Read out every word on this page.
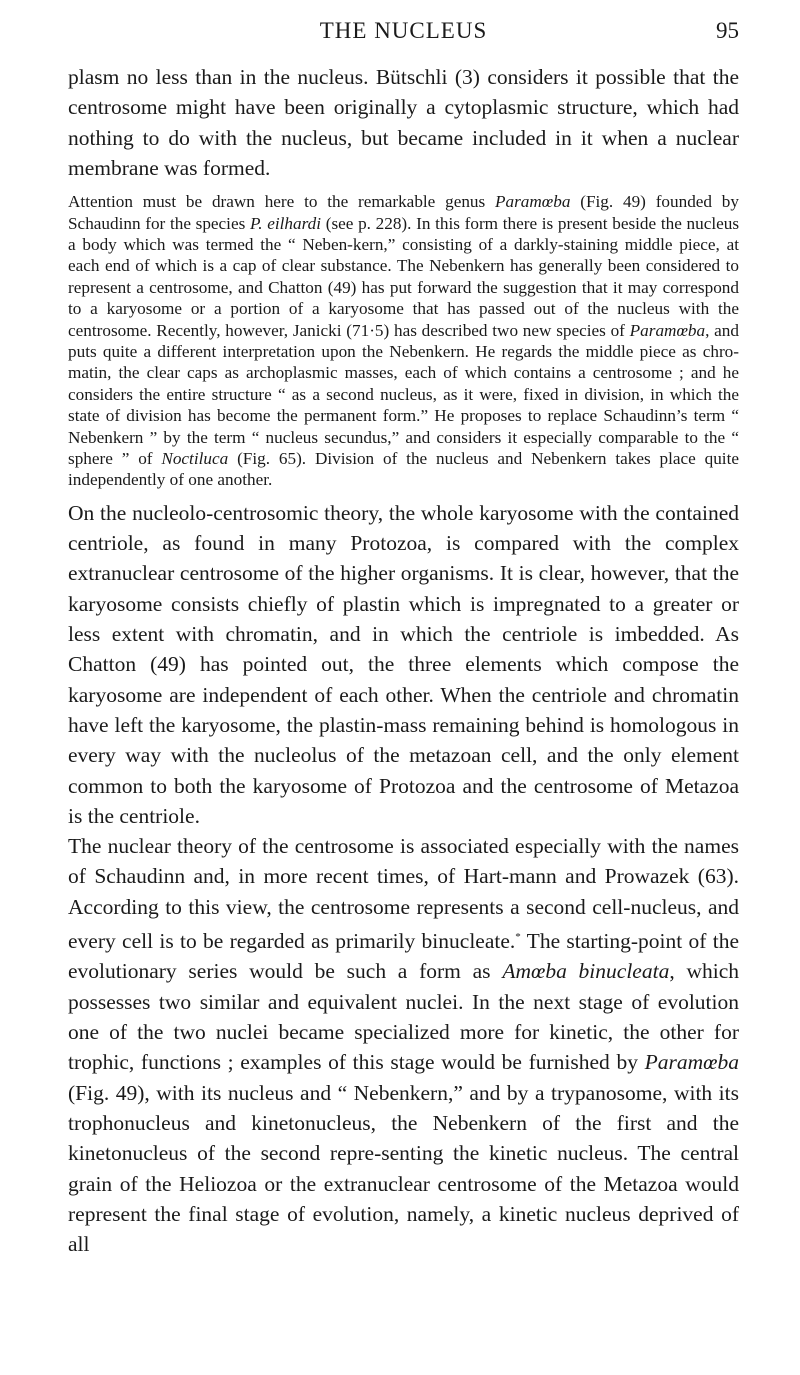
THE NUCLEUS	95

plasm no less than in the nucleus. Bütschli (3) considers it possible that the centrosome might have been originally a cytoplasmic structure, which had nothing to do with the nucleus, but became included in it when a nuclear membrane was formed.

Attention must be drawn here to the remarkable genus Paramœba (Fig. 49) founded by Schaudinn for the species P. eilhardi (see p. 228). In this form there is present beside the nucleus a body which was termed the “ Neben-kern,” consisting of a darkly-staining middle piece, at each end of which is a cap of clear substance. The Nebenkern has generally been considered to represent a centrosome, and Chatton (49) has put forward the suggestion that it may correspond to a karyosome or a portion of a karyosome that has passed out of the nucleus with the centrosome. Recently, however, Janicki (71·5) has described two new species of Paramœba, and puts quite a different interpretation upon the Nebenkern. He regards the middle piece as chro-matin, the clear caps as archoplasmic masses, each of which contains a centrosome ; and he considers the entire structure “ as a second nucleus, as it were, fixed in division, in which the state of division has become the permanent form.” He proposes to replace Schaudinn’s term “ Nebenkern ” by the term “ nucleus secundus,” and considers it especially comparable to the “ sphere ” of Noctiluca (Fig. 65). Division of the nucleus and Nebenkern takes place quite independently of one another.

On the nucleolo-centrosomic theory, the whole karyosome with the contained centriole, as found in many Protozoa, is compared with the complex extranuclear centrosome of the higher organisms. It is clear, however, that the karyosome consists chiefly of plastin which is impregnated to a greater or less extent with chromatin, and in which the centriole is imbedded. As Chatton (49) has pointed out, the three elements which compose the karyosome are independent of each other. When the centriole and chromatin have left the karyosome, the plastin-mass remaining behind is homologous in every way with the nucleolus of the metazoan cell, and the only element common to both the karyosome of Protozoa and the centrosome of Metazoa is the centriole.

The nuclear theory of the centrosome is associated especially with the names of Schaudinn and, in more recent times, of Hart-mann and Prowazek (63). According to this view, the centrosome represents a second cell-nucleus, and every cell is to be regarded as primarily binucleate.* The starting-point of the evolutionary series would be such a form as Amœba binucleata, which possesses two similar and equivalent nuclei. In the next stage of evolution one of the two nuclei became specialized more for kinetic, the other for trophic, functions ; examples of this stage would be furnished by Paramœba (Fig. 49), with its nucleus and “ Nebenkern,” and by a trypanosome, with its trophonucleus and kinetonucleus, the Nebenkern of the first and the kinetonucleus of the second repre-senting the kinetic nucleus. The central grain of the Heliozoa or the extranuclear centrosome of the Metazoa would represent the final stage of evolution, namely, a kinetic nucleus deprived of all
